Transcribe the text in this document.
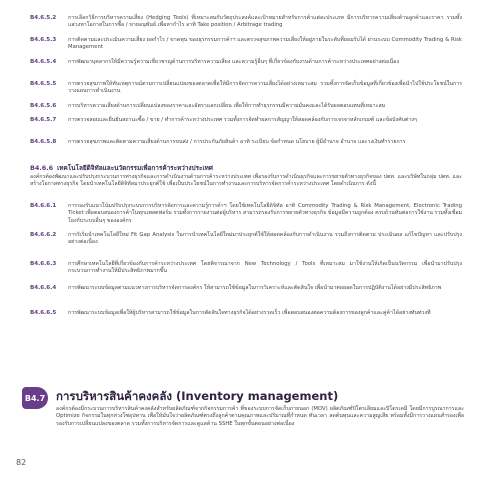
B4.6.5.2	การเลือกวิธีการบริหารความเสี่ยง (Hedging Tools) ที่เหมาะสมกับวัตถุประสงค์และเป้าหมายสำหรับการค้าแต่ละประเภท มีการบริหารความเสี่ยงด้านลูกค้าและราคา รวมทั้งแสวงหาโอกาสในการซื้อ / ขายอนุพันธ์ เพื่อหากำไร อาทิ Take position / Arbitrage trading
B4.6.5.3	การติดตามและประเมินความเสี่ยง ผลกำไร / ขาดทุน ของธุรกรรมการค้าฯ และตรวจสุขภาพความเสี่ยงให้อยู่ภายในระดับที่ยอมรับได้ ผ่านระบบ Commodity Trading & Risk Management
B4.6.5.4	การพัฒนาบุคลากรให้มีความรู้ความเชี่ยวชาญด้านการบริหารความเสี่ยง และความรู้อื่นๆ ที่เกี่ยวข้องกับงานด้านการค้าระหว่างประเทศอย่างต่อเนื่อง
B4.6.5.5	การตรวจสุขภาพให้ทันเหตุการณ์ตามการเปลี่ยนแปลงของตลาดเพื่อให้มีการจัดการความเสี่ยงได้อย่างเหมาะสม รวมทั้งการจัดเก็บข้อมูลที่เกี่ยวข้องเพื่อนำไปใช้ประโยชน์ในการวางแผนการดำเนินงาน
B4.6.5.6	การบริหารความเสี่ยงด้านการเปลี่ยนแปลงของราคาและอัตราแลกเปลี่ยน เพื่อให้การทำธุรกรรมมีความมั่นคงและได้รับผลตอบแทนที่เหมาะสม
B4.6.5.7	การตรวจสอบและยืนยันสถานะซื้อ / ขาย / ทำการค้าระหว่างประเทศ รวมทั้งการจัดทำผลการสัญญาให้สอดคล้องกับการเจรจาหลักเกณฑ์ และข้อบังคับต่างๆ
B4.6.5.8	การตรวจสุขภาพและติดตามความเสี่ยงด้านการขนส่ง / การประกันภัยสินค้า อาทิ ระเบียบ ข้อกำหนด นโยบาย ผู้มีอำนาจ อำนาจ และวงเงินทำรายการ
B4.6.6 เทคโนโลยีดิจิทัลและนวัตกรรมเพื่อการค้าระหว่างประเทศ
องค์กรต้องพัฒนาและปรับปรุงกระบวนการทางธุรกิจและการดำเนินงานด้านการค้าระหว่างประเทศ เพื่อรองรับการดำเนินธุรกิจและการขยายตัวทางธุรกิจของ ปตท. และบริษัทในกลุ่ม ปตท. และสร้างโอกาสทางธุรกิจ โดยนำเทคโนโลยีดิจิทัลมาประยุกต์ใช้ เพื่อเป็นประโยชน์ในการทำงานและการบริหารจัดการค้าระหว่างประเทศ โดยดำเนินการ ดังนี้
B4.6.6.1	การรองรับแนวโน้มปรับปรุงระบบการบริหารจัดการและความรู้การค้าฯ โดยใช้เทคโนโลยีดิจิทัล อาทิ Commodity Trading & Risk Management, Electronic Trading Ticket เพื่อตอบสนองการค้าในทุกแพลตฟอร์ม รวมทั้งการรายงานต่อผู้บริหาร สามารถรองรับการขยายตัวทางธุรกิจ ข้อมูลมีความถูกต้อง ครบถ้วนทันต่อการใช้งาน รวมทั้งเชื่อมโยงกับระบบอื่นๆ ขององค์กร
B4.6.6.2	การริเริ่มนำเทคโนโลยีใหม่ Fit Gap Analysis ในการนำเทคโนโลยีใหม่มาประยุกต์ใช้ให้สอดคล้องกับการดำเนินงาน รวมถึงการติดตาม ประเมินผล แก้ไขปัญหา และปรับปรุงอย่างต่อเนื่อง
B4.6.6.3	การศึกษาเทคโนโลยีที่เกี่ยวข้องกับการค้าระหว่างประเทศ โดยพิจารณาจาก New Technology / Tools ที่เหมาะสม มาใช้งานให้เกิดเป็นนวัตกรรม เพื่อนำมาปรับปรุงกระบวนการทำงานให้มีประสิทธิภาพมากขึ้น
B4.6.6.4	การพัฒนาระบบข้อมูลตามแนวทางการบริหารจัดการองค์กร ให้สามารถใช้ข้อมูลในการวิเคราะห์และตัดสินใจ เพื่อนำมาต่อยอดในการปฏิบัติงานได้อย่างมีประสิทธิภาพ
B4.6.6.5	การพัฒนาระบบข้อมูลเพื่อให้ผู้บริหารสามารถใช้ข้อมูลในการตัดสินใจทางธุรกิจได้อย่างรวดเร็ว เพื่อตอบสนองต่อความต้องการของลูกค้าและคู่ค้าได้อย่างทันท่วงที
B4.7 การบริหารสินค้าคงคลัง (Inventory management)
องค์กรต้องมีกระบวนการบริหารสินค้าคงคลังสำหรับผลิตภัณฑ์จากกิจกรรมการค้า ที่ของระบบการจัดเก็บภายนอก (MOV) ผลิตภัณฑ์ปิโตรเลียมและปิโตรเคมี โดยมีการบูรณาการและ Optimize กิจกรรมในทุกห่วงโซ่อุปทาน เพื่อให้มั่นใจว่าผลิตภัณฑ์ตรงถึงลูกค้าตามคุณภาพและปริมาณที่กำหนด ทันเวลา ลดต้นทุนและความสูญเสีย พร้อมทั้งมีการวางแผนสำรองเพื่อรองรับการเปลี่ยนแปลงของตลาด รวมทั้งการบริหารจัดการและดูแลด้าน SSHE ในทุกขั้นตอนอย่างต่อเนื่อง
82
